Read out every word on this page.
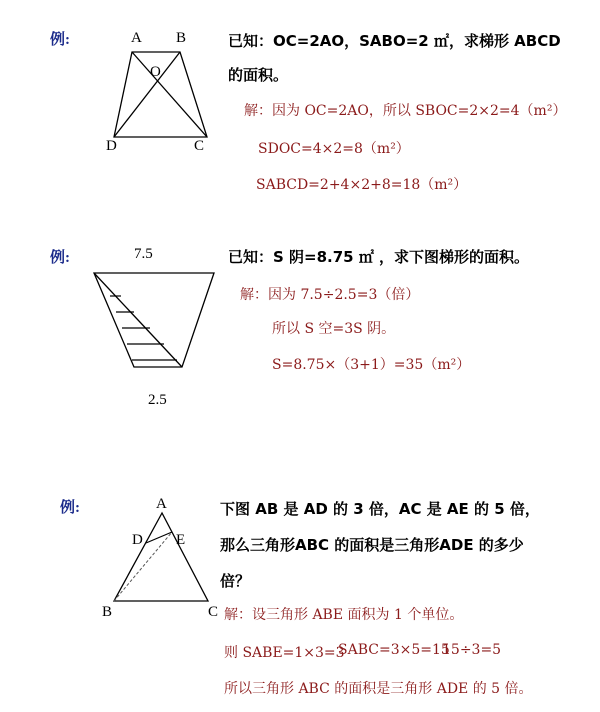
例:	A B
O
D	C
已知：OC=2AO，SABO=2 ㎡，求梯形 ABCD
的面积。
解：因为 OC=2AO，所以 SBOC=2×2=4（m²）
SDOC=4×2=8（m²）
SABCD=2+4×2+8=18（m²）
例:	7.5
2.5
已知：S 阴=8.75 ㎡ ，求下图梯形的面积。
解：因为 7.5÷2.5=3（倍）
所以 S 空=3S 阴。
S=8.75×（3+1）=35（m²）
例:	A
D E
B	C
下图 AB 是 AD 的 3 倍，AC 是 AE 的 5 倍，
那么三角形ABC 的面积是三角形ADE 的多少
倍？
解：设三角形 ABE 面积为 1 个单位。
则 SABE=1×3=3
SABC=3×5=15
15÷3=5
所以三角形 ABC 的面积是三角形 ADE 的 5 倍。
